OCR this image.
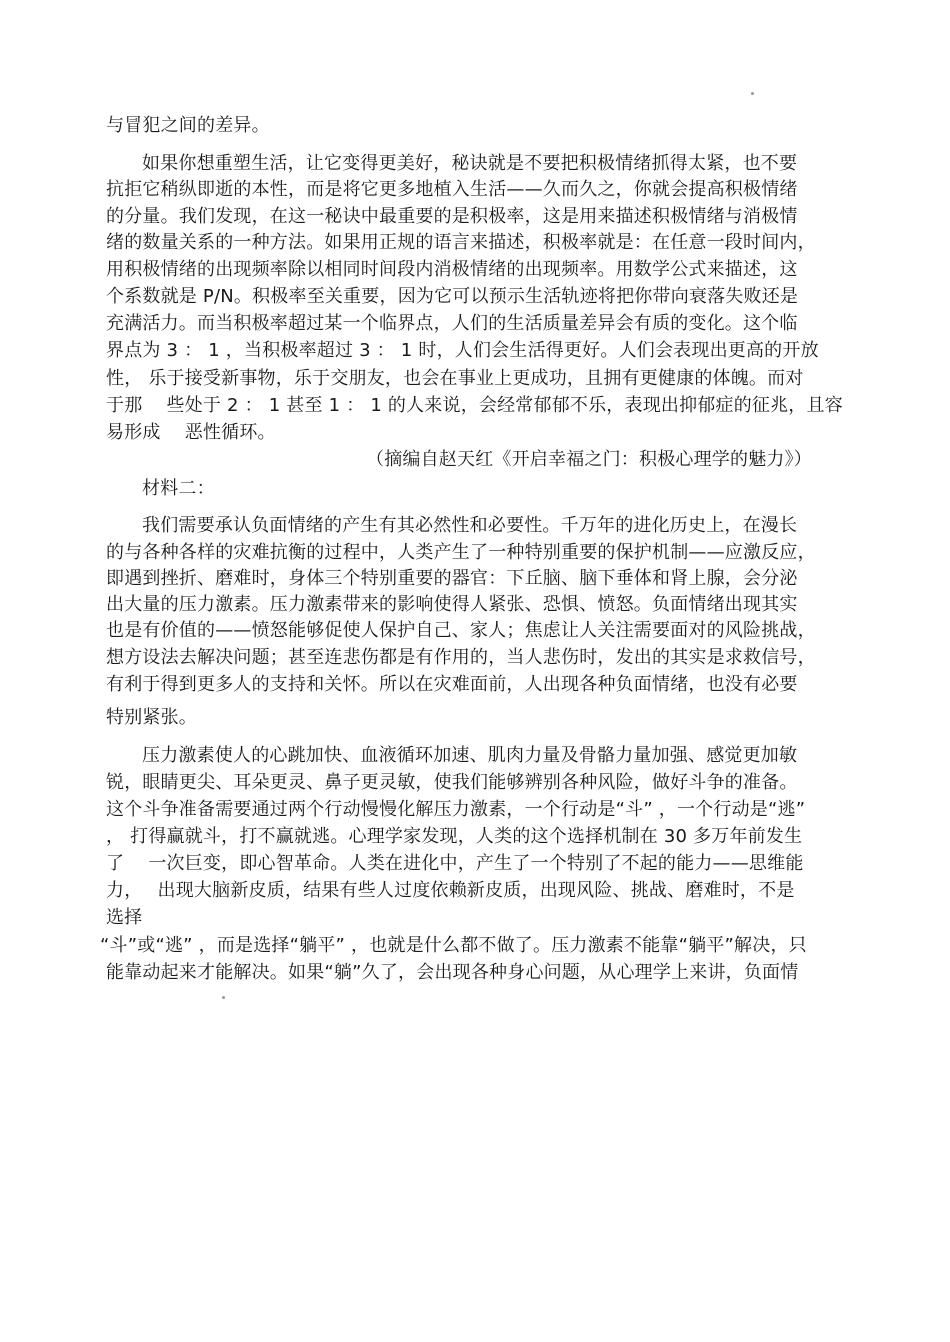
与冒犯之间的差异。
如果你想重塑生活，让它变得更美好，秘诀就是不要把积极情绪抓得太紧，也不要
抗拒它稍纵即逝的本性，而是将它更多地植入生活——久而久之，你就会提高积极情绪
的分量。我们发现，在这一秘诀中最重要的是积极率，这是用来描述积极情绪与消极情
绪的数量关系的一种方法。如果用正规的语言来描述，积极率就是：在任意一段时间内，
用积极情绪的出现频率除以相同时间段内消极情绪的出现频率。用数学公式来描述，这
个系数就是 P/N。积极率至关重要，因为它可以预示生活轨迹将把你带向衰落失败还是
充满活力。而当积极率超过某一个临界点，人们的生活质量差异会有质的变化。这个临
界点为 3 ： 1 ，当积极率超过 3 ： 1 时，人们会生活得更好。人们会表现出更高的开放
性， 乐于接受新事物，乐于交朋友，也会在事业上更成功，且拥有更健康的体魄。而对
于那　 些处于 2 ： 1 甚至 1 ： 1 的人来说，会经常郁郁不乐，表现出抑郁症的征兆，且容
易形成　 恶性循环。
（摘编自赵天红《开启幸福之门：积极心理学的魅力》）
材料二：
我们需要承认负面情绪的产生有其必然性和必要性。千万年的进化历史上，在漫长
的与各种各样的灾难抗衡的过程中，人类产生了一种特别重要的保护机制——应激反应，
即遇到挫折、磨难时，身体三个特别重要的器官：下丘脑、脑下垂体和肾上腺，会分泌
出大量的压力激素。压力激素带来的影响使得人紧张、恐惧、愤怒。负面情绪出现其实
也是有价值的——愤怒能够促使人保护自己、家人；焦虑让人关注需要面对的风险挑战，
想方设法去解决问题；甚至连悲伤都是有作用的，当人悲伤时，发出的其实是求救信号，
有利于得到更多人的支持和关怀。所以在灾难面前，人出现各种负面情绪，也没有必要
特别紧张。
压力激素使人的心跳加快、血液循环加速、肌肉力量及骨骼力量加强、感觉更加敏
锐，眼睛更尖、耳朵更灵、鼻子更灵敏，使我们能够辨别各种风险，做好斗争的准备。
这个斗争准备需要通过两个行动慢慢化解压力激素，一个行动是“斗” ，一个行动是“逃”
， 打得赢就斗，打不赢就逃。心理学家发现，人类的这个选择机制在 30 多万年前发生
了　 一次巨变，即心智革命。人类在进化中，产生了一个特别了不起的能力——思维能
力，　 出现大脑新皮质，结果有些人过度依赖新皮质，出现风险、挑战、磨难时，不是
选择
“斗”或“逃” ，而是选择“躺平” ，也就是什么都不做了。压力激素不能靠“躺平”解决，只
能靠动起来才能解决。如果“躺”久了，会出现各种身心问题，从心理学上来讲，负面情
